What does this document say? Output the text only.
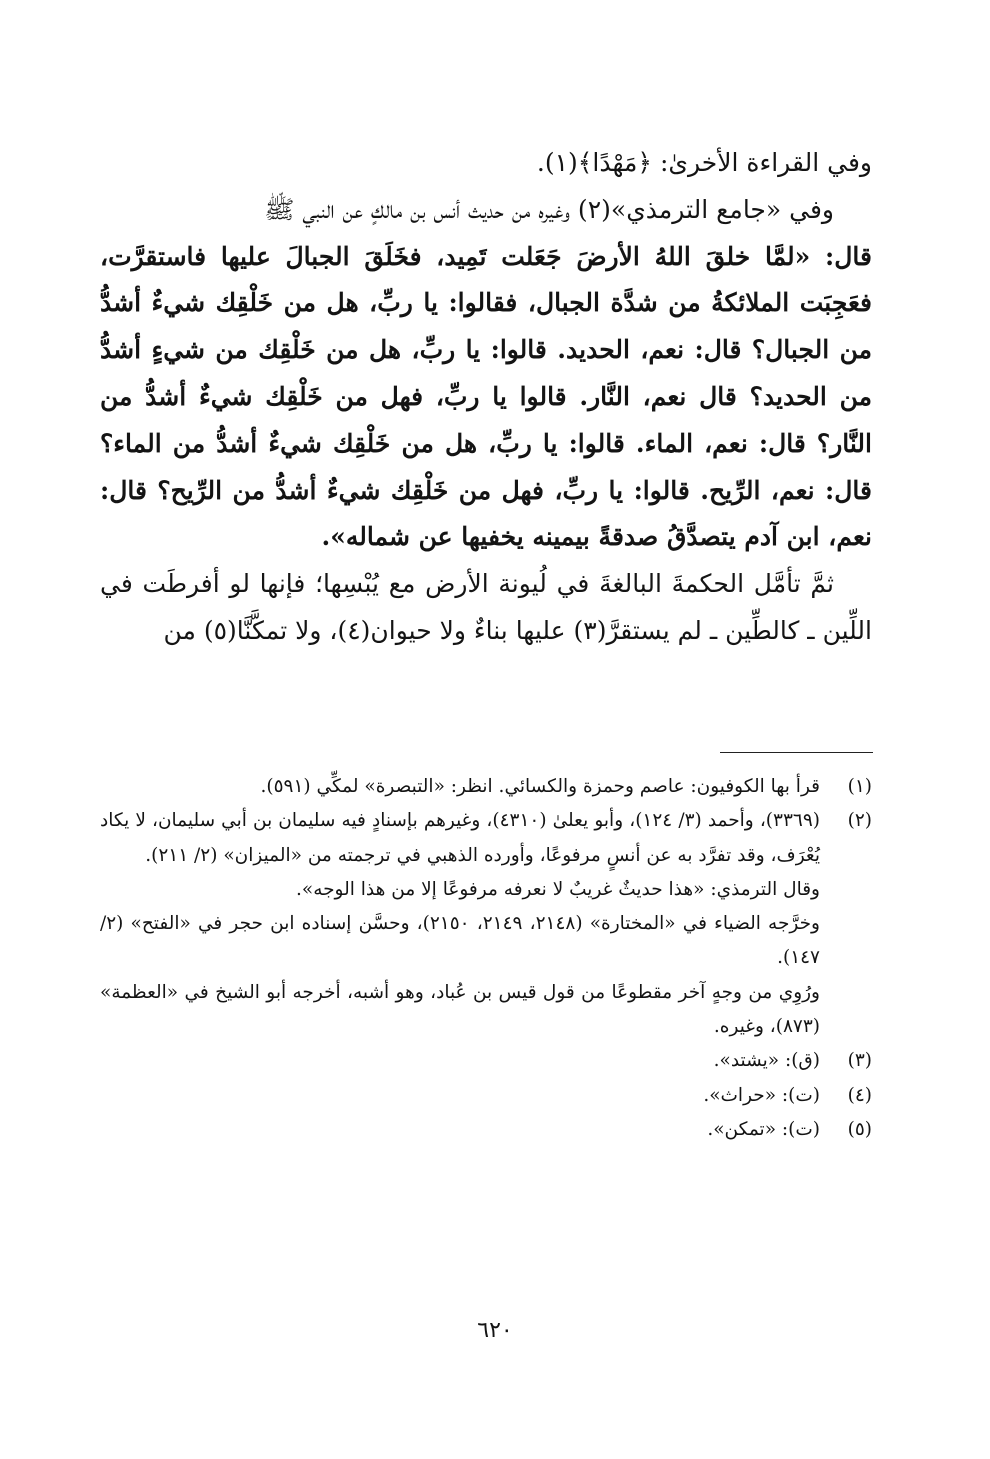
وفي القراءة الأخرىٰ: ﴿مَهْدًا﴾(١).

وفي «جامع الترمذي»(٢) وغيره من حديث أنس بن مالكٍ عن النبي ﷺ

قال: «لمَّا خلقَ اللهُ الأرضَ جَعَلت تَمِيد، فخَلَقَ الجبالَ عليها فاستقرَّت، فعَجِبَت الملائكةُ من شدَّة الجبال، فقالوا: يا ربِّ، هل من خَلْقِك شيءٌ أشدُّ من الجبال؟ قال: نعم، الحديد. قالوا: يا ربِّ، هل من خَلْقِك من شيءٍ أشدُّ من الحديد؟ قال نعم، النَّار. قالوا يا ربِّ، فهل من خَلْقِك شيءٌ أشدُّ من النَّار؟ قال: نعم، الماء. قالوا: يا ربِّ، هل من خَلْقِك شيءٌ أشدُّ من الماء؟ قال: نعم، الرِّيح. قالوا: يا ربِّ، فهل من خَلْقِك شيءٌ أشدُّ من الرِّيح؟ قال: نعم، ابن آدم يتصدَّقُ صدقةً بيمينه يخفيها عن شماله».

ثمَّ تأمَّل الحكمةَ البالغةَ في لُيونة الأرض مع يُبْسِها؛ فإنها لو أفرطَت في اللِّين ـ كالطِّين ـ لم يستقرَّ(٣) عليها بناءٌ ولا حيوان(٤)، ولا تمكَّنَّا(٥) من

(١)
قرأ بها الكوفيون: عاصم وحمزة والكسائي. انظر: «التبصرة» لمكِّي (٥٩١).
(٢)
(٣٣٦٩)، وأحمد (٣/ ١٢٤)، وأبو يعلىٰ (٤٣١٠)، وغيرهم بإسنادٍ فيه سليمان بن أبي سليمان، لا يكاد يُعْرَف، وقد تفرَّد به عن أنسٍ مرفوعًا، وأورده الذهبي في ترجمته من «الميزان» (٢/ ٢١١).
وقال الترمذي: «هذا حديثٌ غريبٌ لا نعرفه مرفوعًا إلا من هذا الوجه».
وخرَّجه الضياء في «المختارة» (٢١٤٨، ٢١٤٩، ٢١٥٠)، وحسَّن إسناده ابن حجر في «الفتح» (٢/ ١٤٧).
ورُوِي من وجهٍ آخر مقطوعًا من قول قيس بن عُباد، وهو أشبه، أخرجه أبو الشيخ في «العظمة» (٨٧٣)، وغيره.
(٣)
(ق): «يشتد».
(٤)
(ت): «حراث».
(٥)
(ت): «تمكن».
٦٢٠
